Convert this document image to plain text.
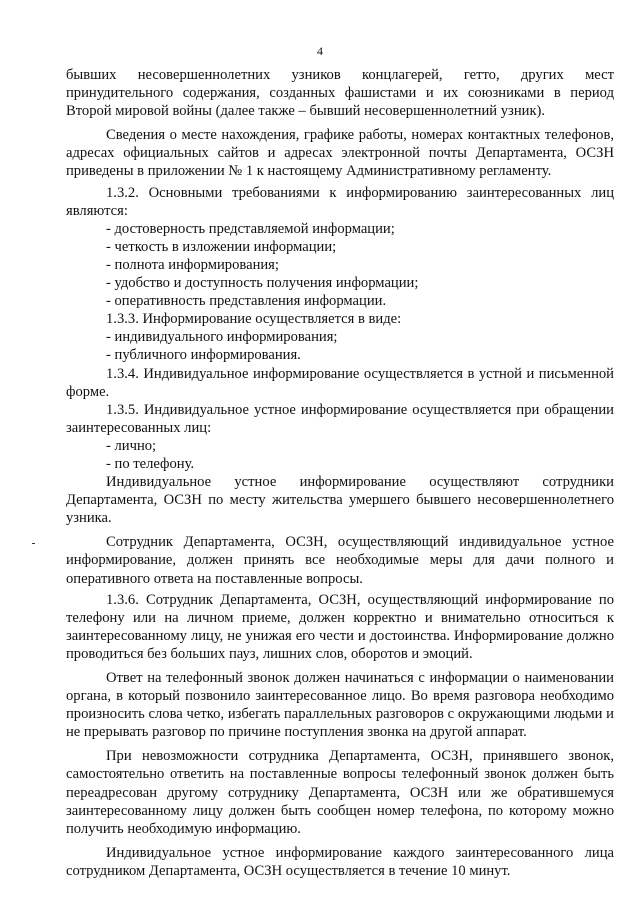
4

бывших несовершеннолетних узников концлагерей, гетто, других мест принудительного содержания, созданных фашистами и их союзниками в период Второй мировой войны (далее также – бывший несовершеннолетний узник).

Сведения о месте нахождения, графике работы, номерах контактных телефонов, адресах официальных сайтов и адресах электронной почты Департамента, ОСЗН приведены в приложении № 1 к настоящему Административному регламенту.

1.3.2. Основными требованиями к информированию заинтересованных лиц являются:

- достоверность представляемой информации;

- четкость в изложении информации;

- полнота информирования;

- удобство и доступность получения информации;

- оперативность представления информации.

1.3.3. Информирование осуществляется в виде:

- индивидуального информирования;

- публичного информирования.

1.3.4. Индивидуальное информирование осуществляется в устной и письменной форме.

1.3.5. Индивидуальное устное информирование осуществляется при обращении заинтересованных лиц:

- лично;

- по телефону.

Индивидуальное устное информирование осуществляют сотрудники Департамента, ОСЗН по месту жительства умершего бывшего несовершеннолетнего узника.

Сотрудник Департамента, ОСЗН, осуществляющий индивидуальное устное информирование, должен принять все необходимые меры для дачи полного и оперативного ответа на поставленные вопросы.

1.3.6. Сотрудник Департамента, ОСЗН, осуществляющий информирование по телефону или на личном приеме, должен корректно и внимательно относиться к заинтересованному лицу, не унижая его чести и достоинства. Информирование должно проводиться без больших пауз, лишних слов, оборотов и эмоций.

Ответ на телефонный звонок должен начинаться с информации о наименовании органа, в который позвонило заинтересованное лицо. Во время разговора необходимо произносить слова четко, избегать параллельных разговоров с окружающими людьми и не прерывать разговор по причине поступления звонка на другой аппарат.

При невозможности сотрудника Департамента, ОСЗН, принявшего звонок, самостоятельно ответить на поставленные вопросы телефонный звонок должен быть переадресован другому сотруднику Департамента, ОСЗН или же обратившемуся заинтересованному лицу должен быть сообщен номер телефона, по которому можно получить необходимую информацию.

Индивидуальное устное информирование каждого заинтересованного лица сотрудником Департамента, ОСЗН осуществляется в течение 10 минут.
